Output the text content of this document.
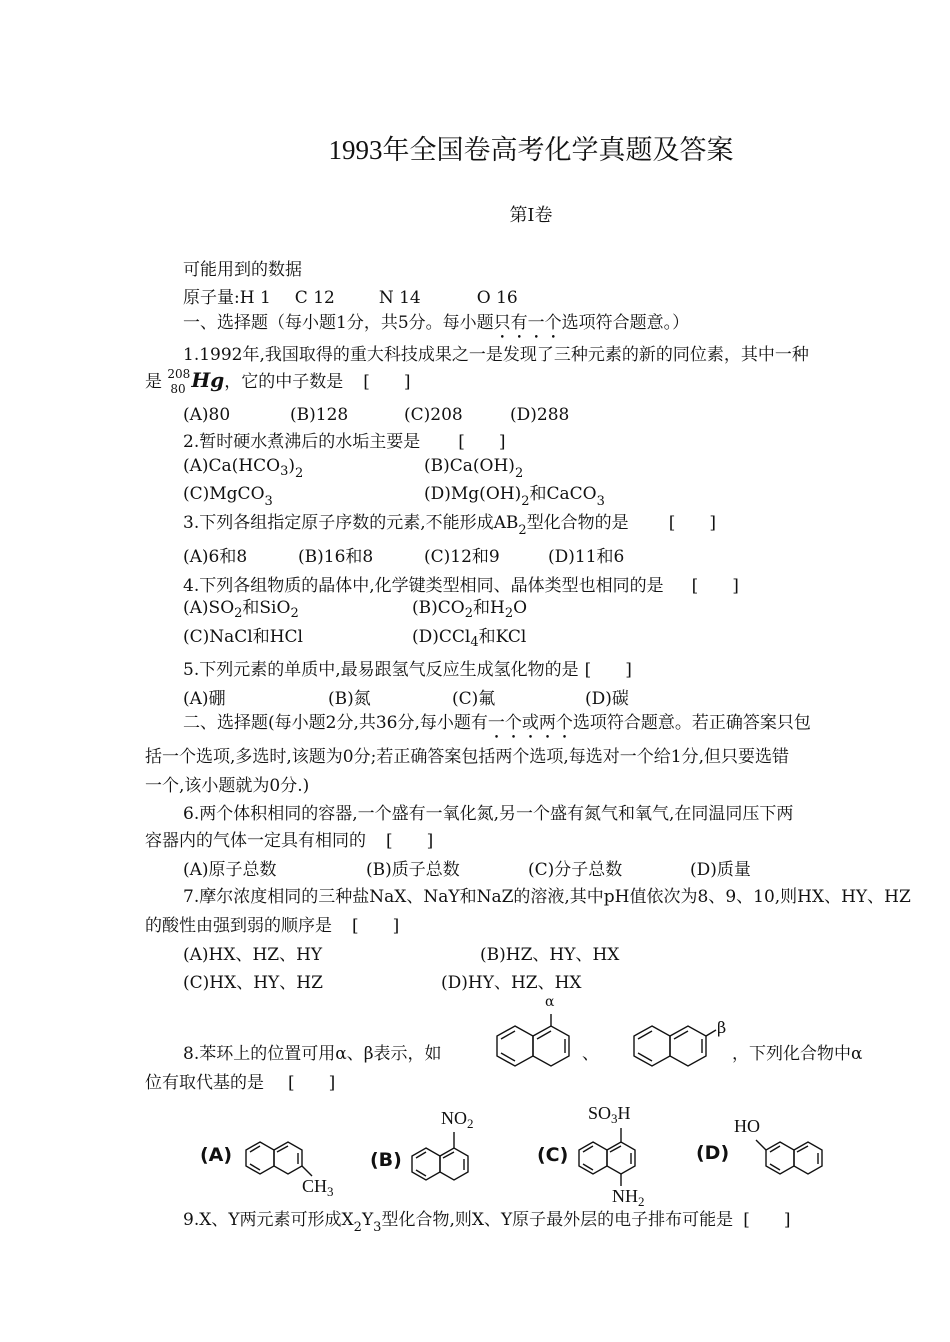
1993年全国卷高考化学真题及答案
第Ⅰ卷
可能用到的数据
原子量:H 1 C 12	N 14	O 16
一、选择题（每小题1分，共5分。每小题只有一个选项符合题意。）
1.1992年,我国取得的重大科技成果之一是发现了三种元素的新的同位素，其中一种
是 208
80 Hg，它的中子数是 [　　]
(A)80	(B)128	(C)208	(D)288
2.暂时硬水煮沸后的水垢主要是 [　　]
$(A)Ca(HCO_3)_2$	$(B)Ca(OH)_2$
(C)MgCO$_3$	$(D)Mg(OH)_2$和CaCO$_3$
3.下列各组指定原子序数的元素,不能形成$AB_2$型化合物的是 [　　]
(A)6和8	(B)16和8	(C)12和9	(D)11和6
4.下列各组物质的晶体中,化学键类型相同、晶体类型也相同的是 [　　]
$(A)SO_2$和SiO$_2$	$(B)CO_2$和$H_2O$
(C)NaCl和HCl	(D)CCl$_4$和KCl
5.下列元素的单质中,最易跟氢气反应生成氢化物的是 [　　]
(A)硼	(B)氮	(C)氟	(D)碳
二、选择题(每小题2分,共36分,每小题有一个或两个选项符合题意。若正确答案只包
括一个选项,多选时,该题为0分;若正确答案包括两个选项,每选对一个给1分,但只要选错
一个,该小题就为0分.)
6.两个体积相同的容器,一个盛有一氧化氮,另一个盛有氮气和氧气,在同温同压下两
容器内的气体一定具有相同的 [　　]
(A)原子总数	(B)质子总数	(C)分子总数	(D)质量
7.摩尔浓度相同的三种盐NaX、NaY和NaZ的溶液,其中pH值依次为8、9、10,则HX、HY、HZ
的酸性由强到弱的顺序是 [　　]
(A)HX、HZ、HY	(B)HZ、HY、HX
(C)HX、HY、HZ	(D)HY、HZ、HX
8.苯环上的位置可用α、β表示，如	、	，下列化合物中α
位有取代基的是 [　　]
α
β
(A)
$CH_3$
(B)
$NO_2$
(C)
$SO_3H$
$NH_2$
(D)
HO
9.X、Y两元素可形成$X_2Y_3$型化合物,则X、Y原子最外层的电子排布可能是 [　　]
